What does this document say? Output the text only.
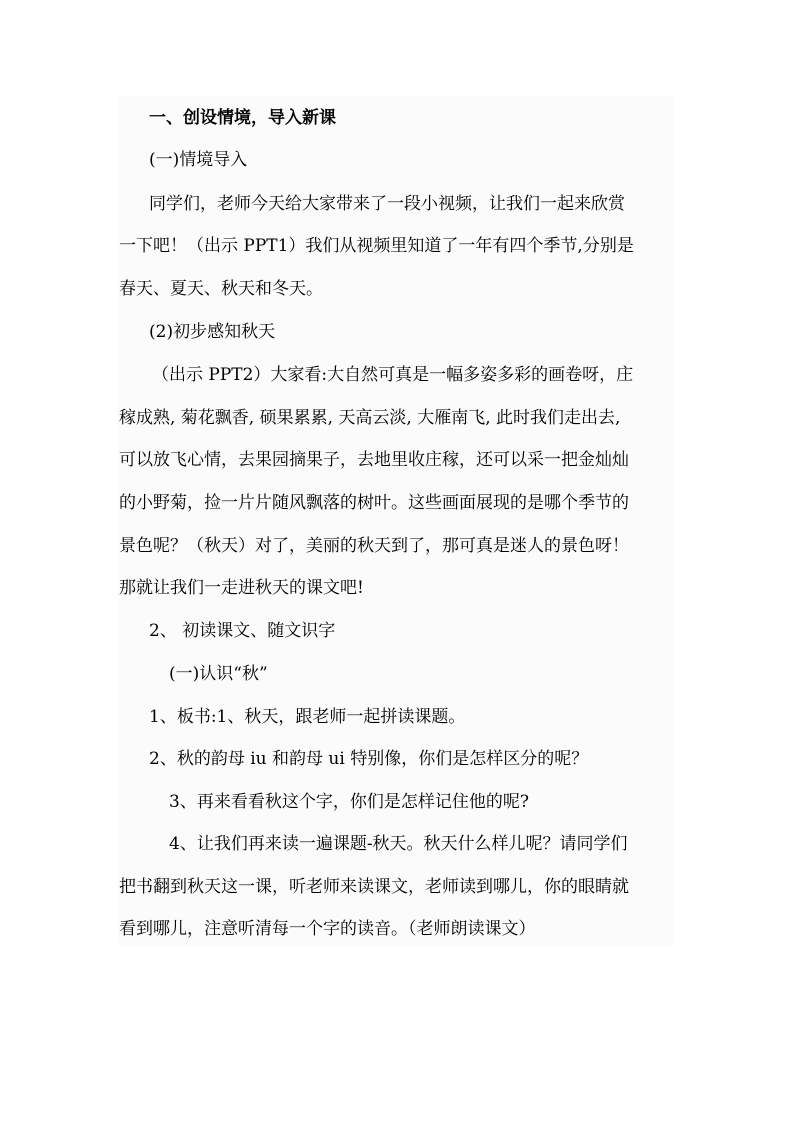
一、创设情境，导入新课
(一)情境导入
同学们，老师今天给大家带来了一段小视频，让我们一起来欣赏
一下吧！（出示 PPT1）我们从视频里知道了一年有四个季节,分别是
春天、夏天、秋天和冬天。
(2)初步感知秋天
（出示 PPT2）大家看:大自然可真是一幅多姿多彩的画卷呀，庄
稼成熟, 菊花飘香, 硕果累累, 天高云淡, 大雁南飞, 此时我们走出去,
可以放飞心情，去果园摘果子，去地里收庄稼，还可以采一把金灿灿
的小野菊，捡一片片随风飘落的树叶。这些画面展现的是哪个季节的
景色呢？（秋天）对了，美丽的秋天到了，那可真是迷人的景色呀！
那就让我们一走进秋天的课文吧!
2、 初读课文、随文识字
(一)认识“秋”
1、板书:1、秋天，跟老师一起拼读课题。
2、秋的韵母 iu 和韵母 ui 特别像，你们是怎样区分的呢？
3、再来看看秋这个字，你们是怎样记住他的呢?
4、让我们再来读一遍课题-秋天。秋天什么样儿呢？请同学们
把书翻到秋天这一课，听老师来读课文，老师读到哪儿，你的眼睛就
看到哪儿，注意听清每一个字的读音。（老师朗读课文）
